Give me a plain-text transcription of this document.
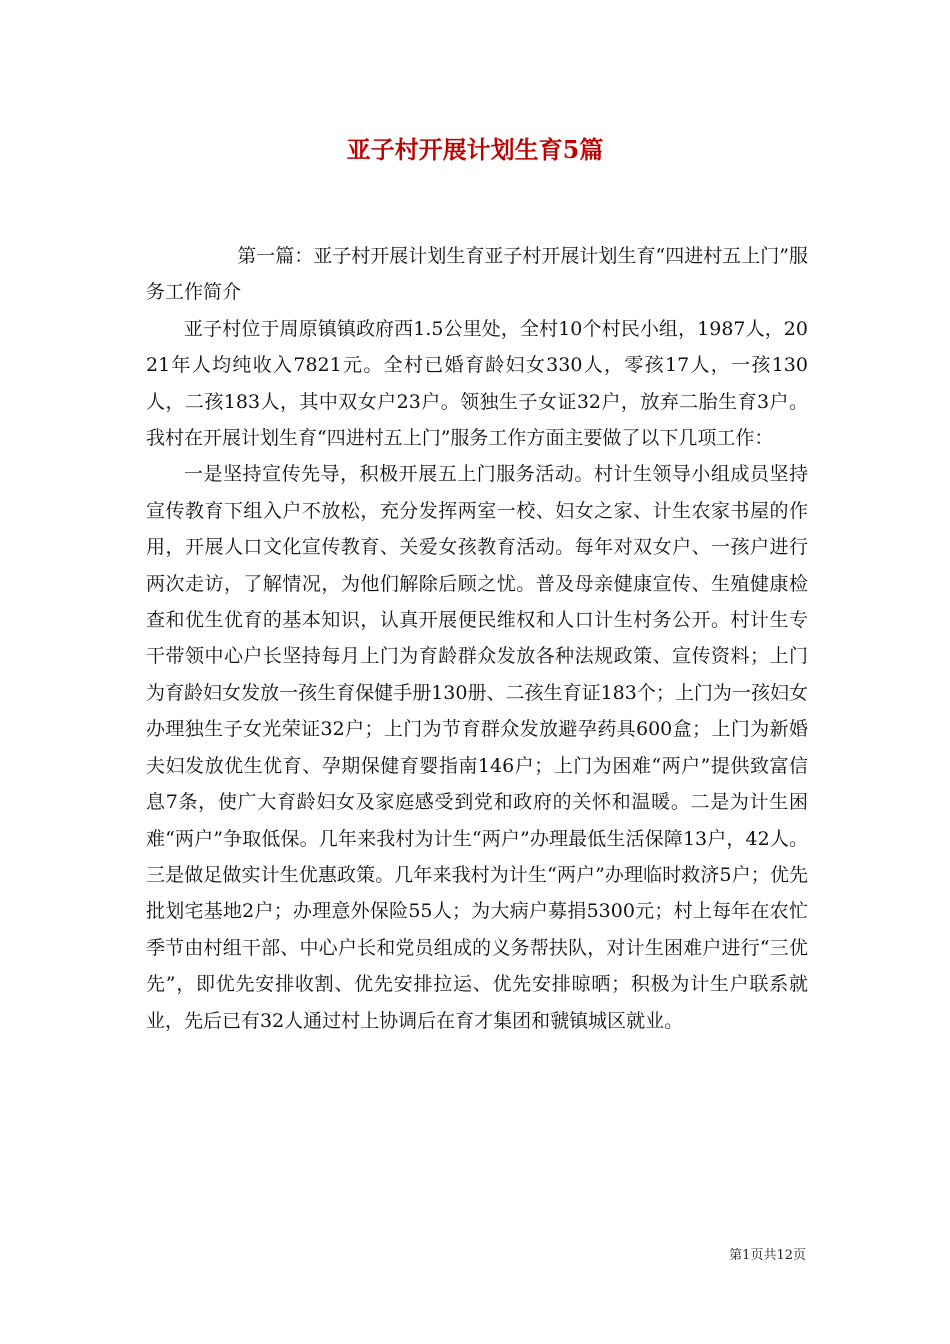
亚子村开展计划生育5篇

第一篇：亚子村开展计划生育亚子村开展计划生育“四进村五上门”服务工作简介

亚子村位于周原镇镇政府西1.5公里处，全村10个村民小组，1987人，2021年人均纯收入7821元。全村已婚育龄妇女330人，零孩17人，一孩130人，二孩183人，其中双女户23户。领独生子女证32户，放弃二胎生育3户。我村在开展计划生育“四进村五上门”服务工作方面主要做了以下几项工作：

一是坚持宣传先导，积极开展五上门服务活动。村计生领导小组成员坚持宣传教育下组入户不放松，充分发挥两室一校、妇女之家、计生农家书屋的作用，开展人口文化宣传教育、关爱女孩教育活动。每年对双女户、一孩户进行两次走访，了解情况，为他们解除后顾之忧。普及母亲健康宣传、生殖健康检查和优生优育的基本知识，认真开展便民维权和人口计生村务公开。村计生专干带领中心户长坚持每月上门为育龄群众发放各种法规政策、宣传资料；上门为育龄妇女发放一孩生育保健手册130册、二孩生育证183个；上门为一孩妇女办理独生子女光荣证32户；上门为节育群众发放避孕药具600盒；上门为新婚夫妇发放优生优育、孕期保健育婴指南146户；上门为困难“两户”提供致富信息7条，使广大育龄妇女及家庭感受到党和政府的关怀和温暖。二是为计生困难“两户”争取低保。几年来我村为计生“两户”办理最低生活保障13户，42人。三是做足做实计生优惠政策。几年来我村为计生“两户”办理临时救济5户；优先批划宅基地2户；办理意外保险55人；为大病户募捐5300元；村上每年在农忙季节由村组干部、中心户长和党员组成的义务帮扶队，对计生困难户进行“三优先”，即优先安排收割、优先安排拉运、优先安排晾晒；积极为计生户联系就业，先后已有32人通过村上协调后在育才集团和虢镇城区就业。

第1页共12页
